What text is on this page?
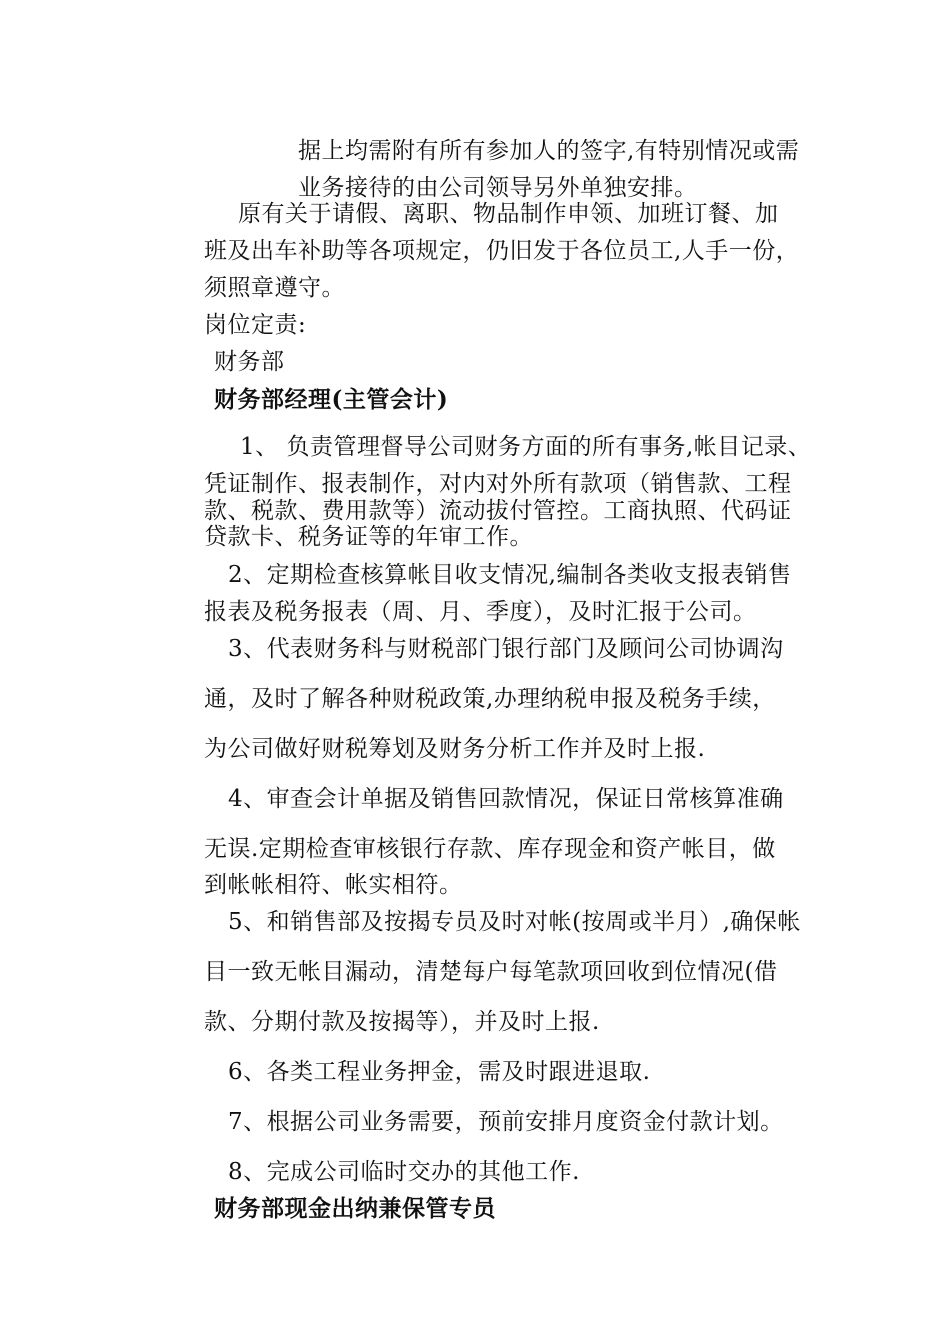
据上均需附有所有参加人的签字,有特别情况或需
业务接待的由公司领导另外单独安排。
原有关于请假、离职、物品制作申领、加班订餐、加
班及出车补助等各项规定，仍旧发于各位员工,人手一份，
须照章遵守。
岗位定责:
财务部
财务部经理(主管会计)
1、 负责管理督导公司财务方面的所有事务,帐目记录、
凭证制作、报表制作，对内对外所有款项（销售款、工程
款、税款、费用款等）流动拔付管控。工商执照、代码证
贷款卡、税务证等的年审工作。
2、定期检查核算帐目收支情况,编制各类收支报表销售
报表及税务报表（周、月、季度），及时汇报于公司。
3、代表财务科与财税部门银行部门及顾问公司协调沟
通，及时了解各种财税政策,办理纳税申报及税务手续，
为公司做好财税筹划及财务分析工作并及时上报.
4、审查会计单据及销售回款情况，保证日常核算准确
无误.定期检查审核银行存款、库存现金和资产帐目，做
到帐帐相符、帐实相符。
5、和销售部及按揭专员及时对帐(按周或半月）,确保帐
目一致无帐目漏动，清楚每户每笔款项回收到位情况(借
款、分期付款及按揭等），并及时上报.
6、各类工程业务押金，需及时跟进退取.
7、根据公司业务需要，预前安排月度资金付款计划。
8、完成公司临时交办的其他工作.
财务部现金出纳兼保管专员
